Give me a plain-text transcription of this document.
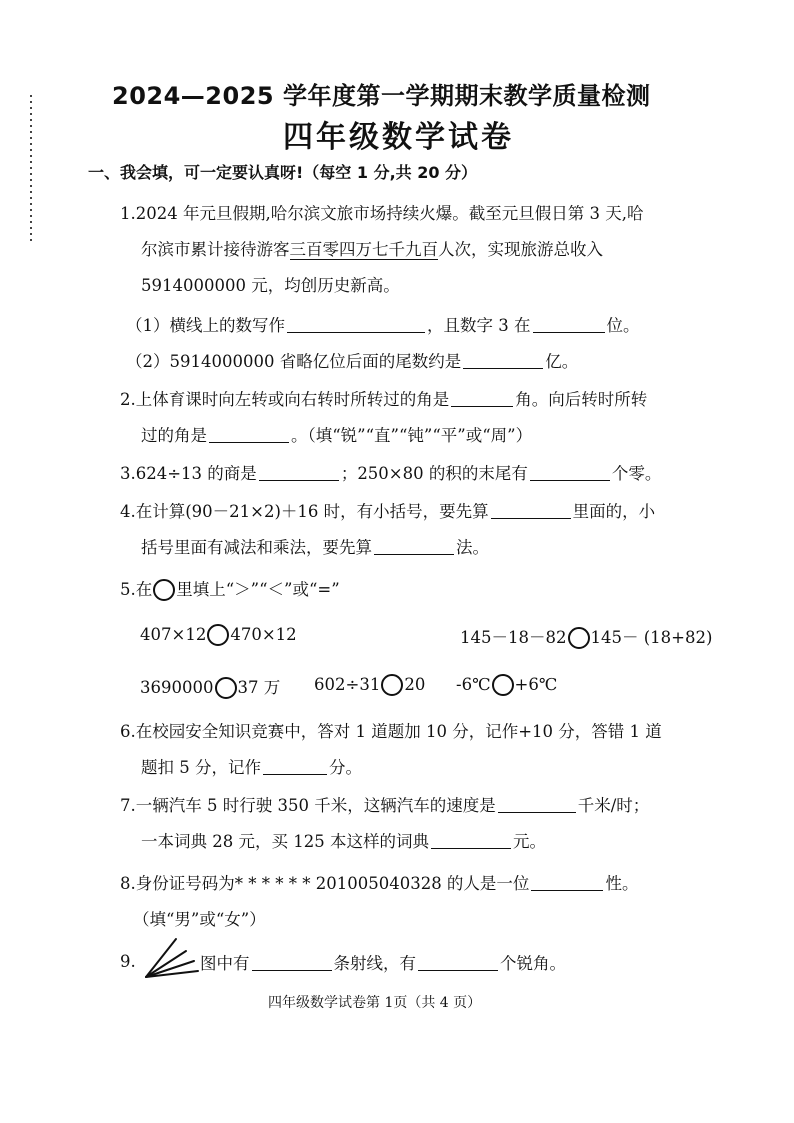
2024—2025 学年度第一学期期末教学质量检测
四年级数学试卷
一、我会填，可一定要认真呀!（每空 1 分,共 20 分）
1.2024 年元旦假期,哈尔滨文旅市场持续火爆。截至元旦假日第 3 天,哈
尔滨市累计接待游客三百零四万七千九百人次，实现旅游总收入
5914000000 元，均创历史新高。
（1）横线上的数写作	，且数字 3 在	位。
（2）5914000000 省略亿位后面的尾数约是	亿。
2.上体育课时向左转或向右转时所转过的角是	角。向后转时所转
过的角是	。（填“锐”“直”“钝”“平”或“周”）
3.624÷13 的商是	；250×80 的积的末尾有	个零。
4.在计算(90－21×2)＋16 时，有小括号，要先算	里面的，小
括号里面有减法和乘法，要先算	法。
5.在 里填上“＞”“＜”或“=”
407×12 470×12	145－18－82 145－ (18+82)
3690000 37 万 602÷31 20 -6℃ +6℃
6.在校园安全知识竞赛中，答对 1 道题加 10 分，记作+10 分，答错 1 道
题扣 5 分，记作	分。
7.一辆汽车 5 时行驶 350 千米，这辆汽车的速度是	千米/时；
一本词典 28 元，买 125 本这样的词典	元。
8.身份证号码为* * * * * * 201005040328 的人是一位	性。
（填“男”或“女”）
9.	图中有	条射线，有	个锐角。
四年级数学试卷第 1页（共 4 页）
